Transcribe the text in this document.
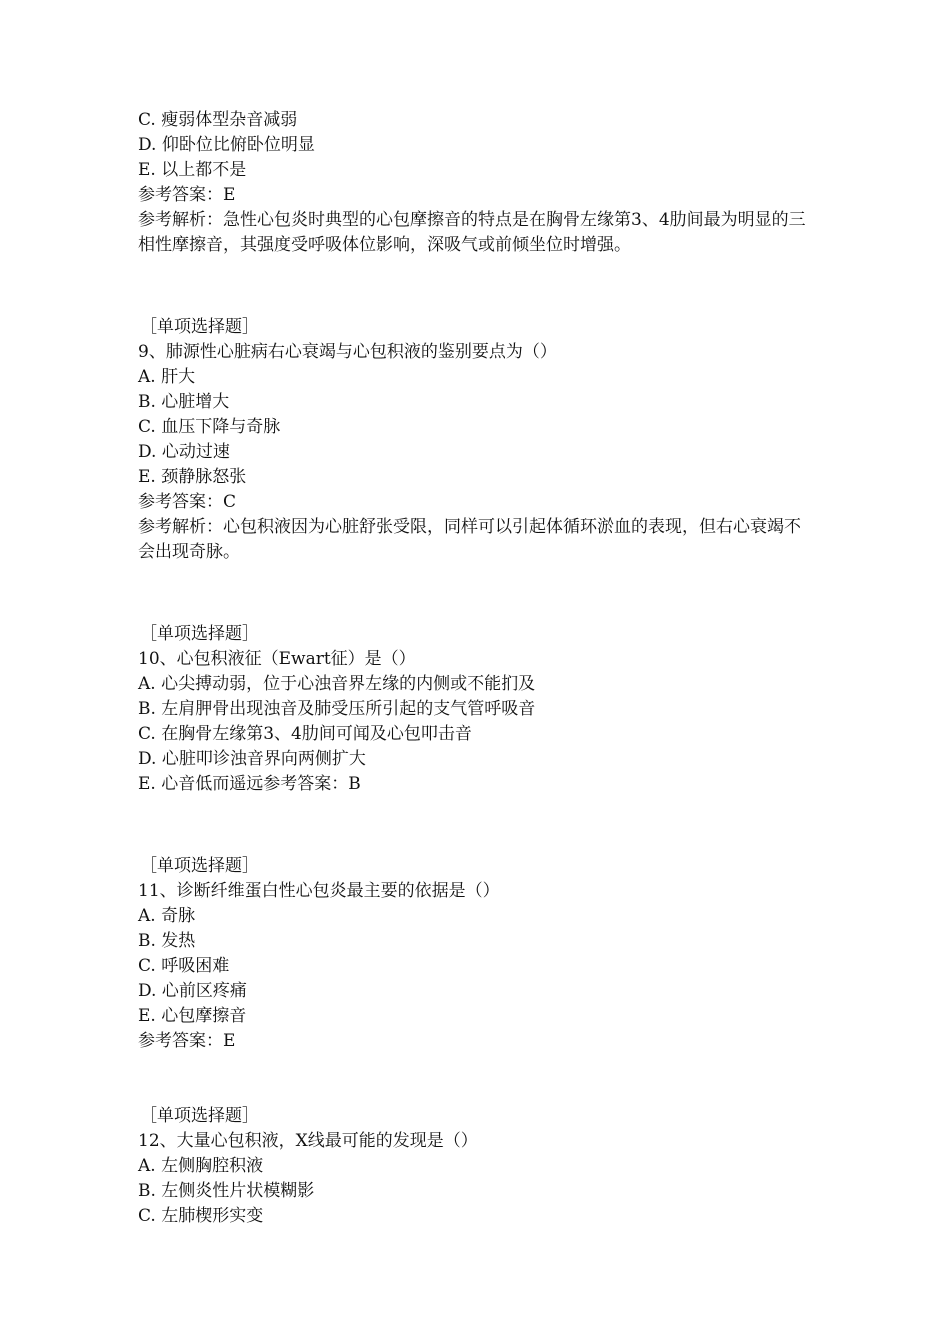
C. 瘦弱体型杂音减弱
D. 仰卧位比俯卧位明显
E. 以上都不是
参考答案：E
参考解析：急性心包炎时典型的心包摩擦音的特点是在胸骨左缘第3、4肋间最为明显的三相性摩擦音，其强度受呼吸体位影响，深吸气或前倾坐位时增强。
［单项选择题］
9、肺源性心脏病右心衰竭与心包积液的鉴别要点为（）
A. 肝大
B. 心脏增大
C. 血压下降与奇脉
D. 心动过速
E. 颈静脉怒张
参考答案：C
参考解析：心包积液因为心脏舒张受限，同样可以引起体循环淤血的表现，但右心衰竭不会出现奇脉。
［单项选择题］
10、心包积液征（Ewart征）是（）
A. 心尖搏动弱，位于心浊音界左缘的内侧或不能扪及
B. 左肩胛骨出现浊音及肺受压所引起的支气管呼吸音
C. 在胸骨左缘第3、4肋间可闻及心包叩击音
D. 心脏叩诊浊音界向两侧扩大
E. 心音低而遥远参考答案：B
［单项选择题］
11、诊断纤维蛋白性心包炎最主要的依据是（）
A. 奇脉
B. 发热
C. 呼吸困难
D. 心前区疼痛
E. 心包摩擦音
参考答案：E
［单项选择题］
12、大量心包积液，X线最可能的发现是（）
A. 左侧胸腔积液
B. 左侧炎性片状模糊影
C. 左肺楔形实变
